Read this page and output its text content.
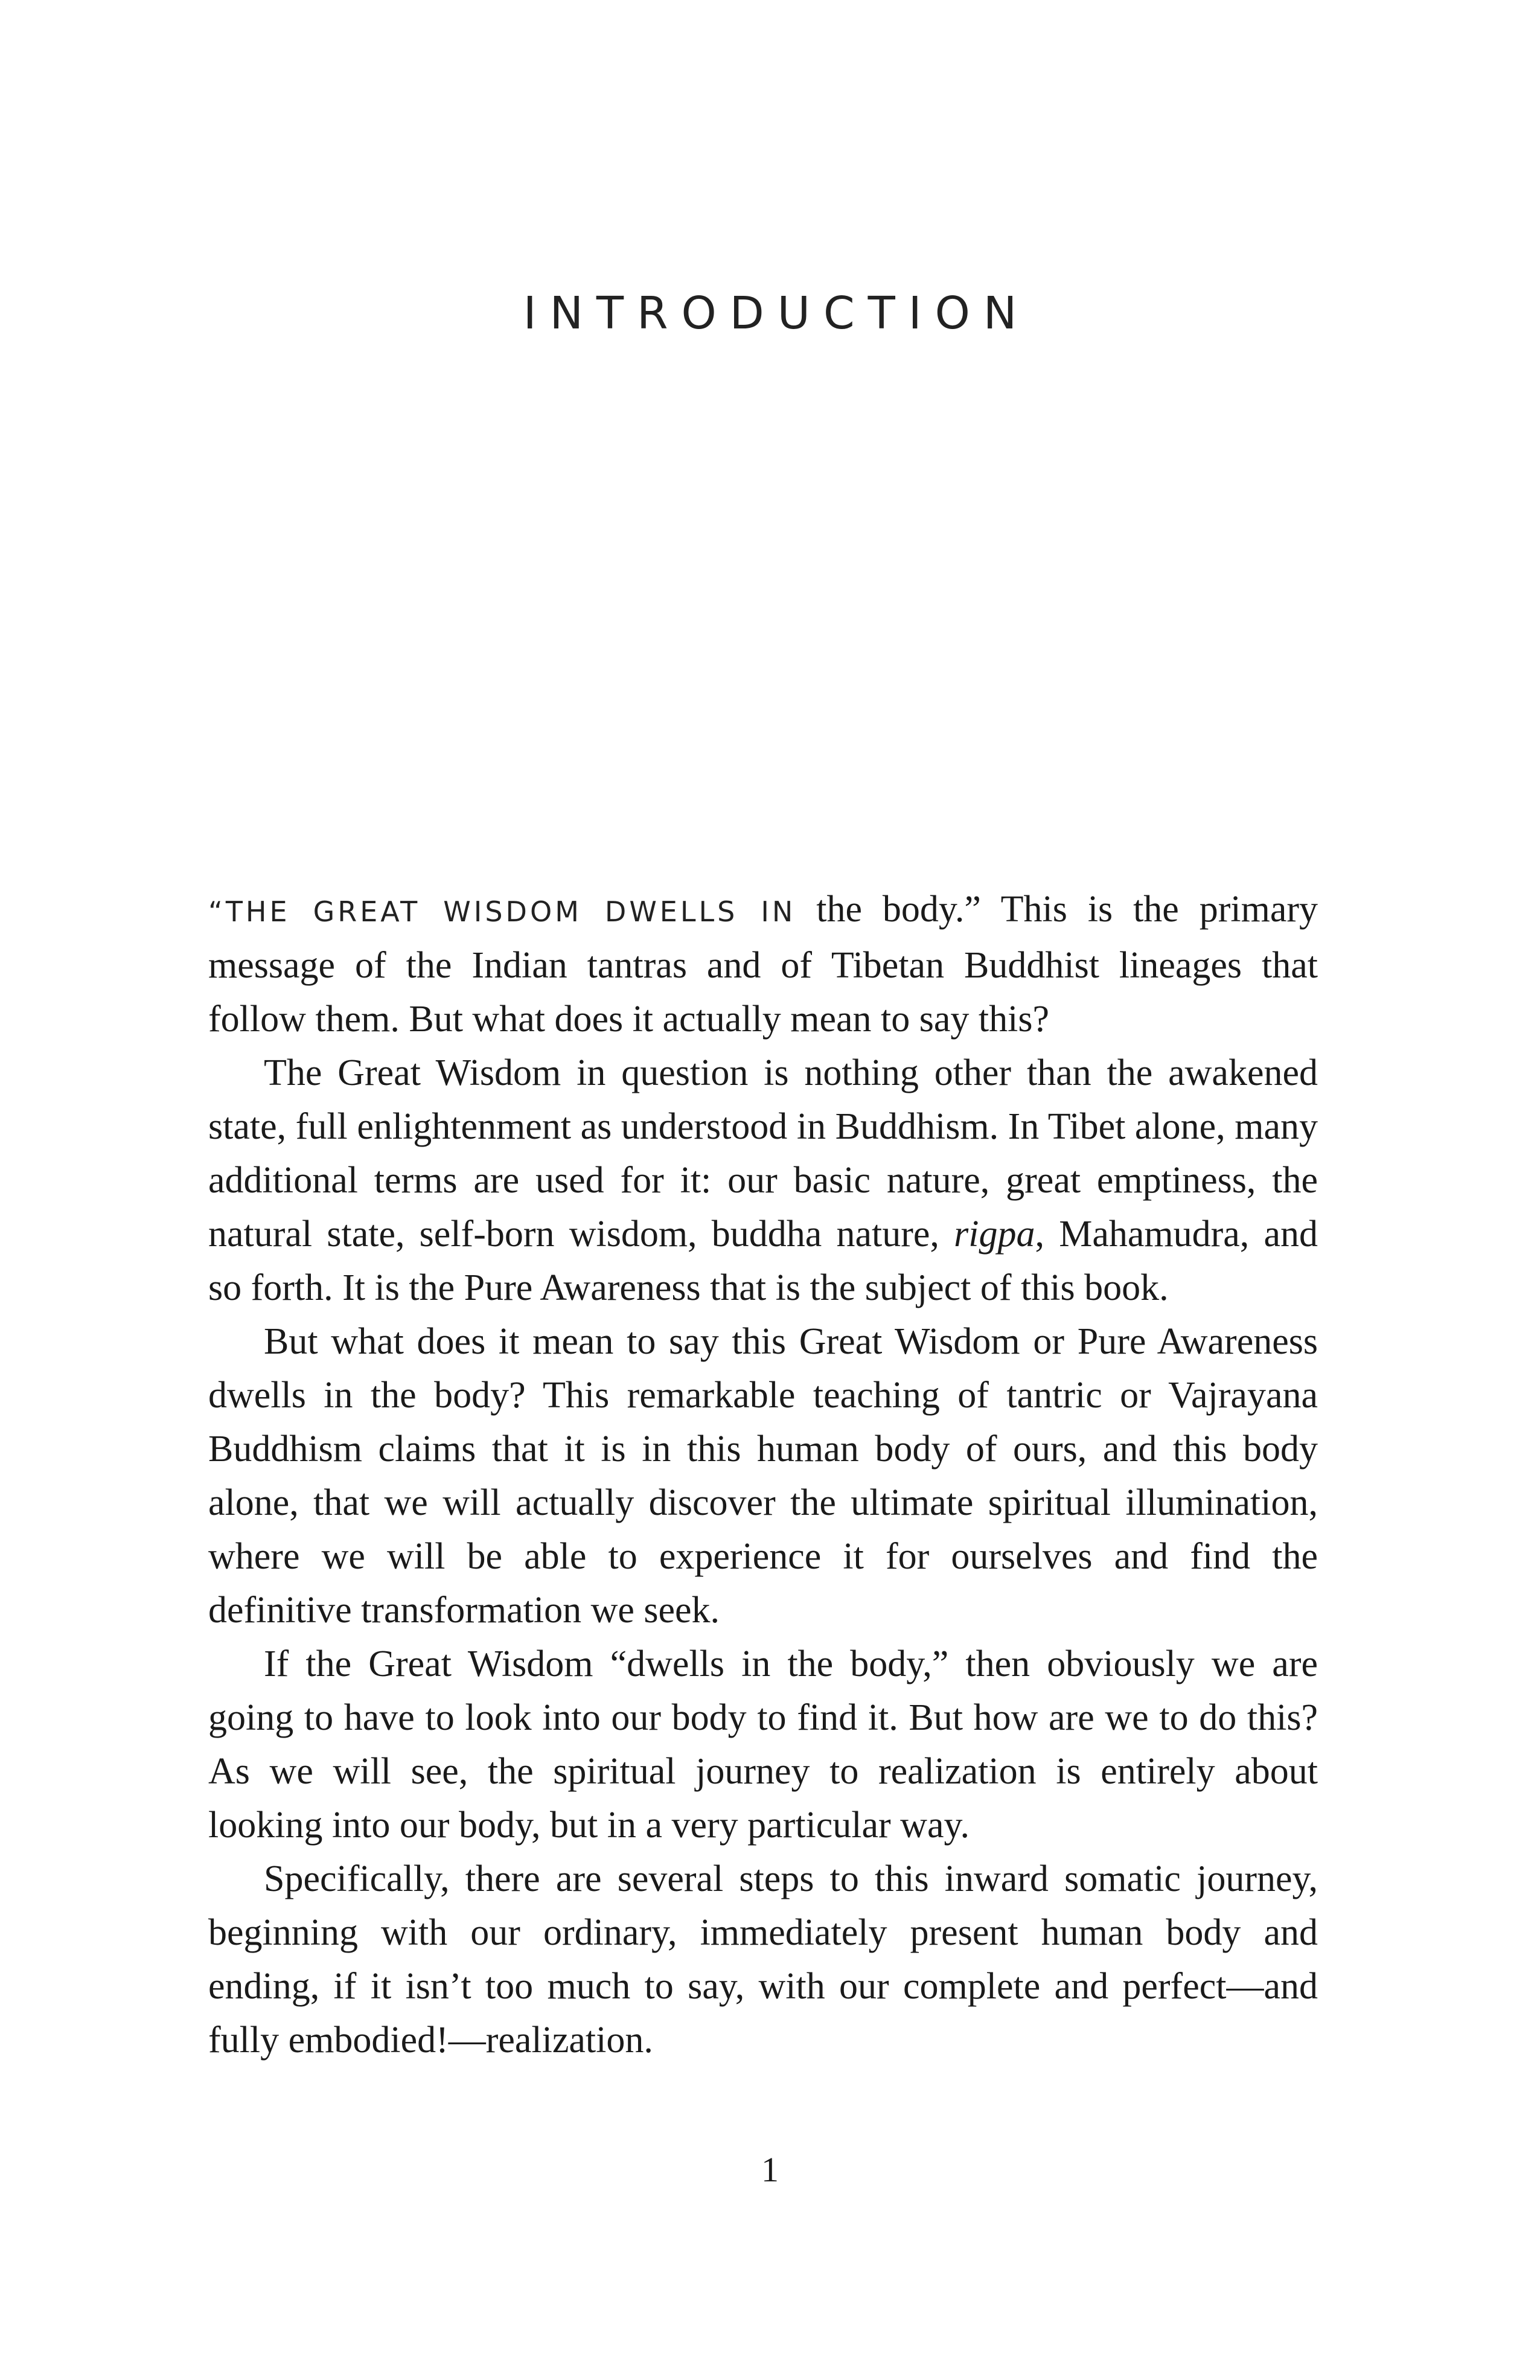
INTRODUCTION

“THE GREAT WISDOM DWELLS IN the body.” This is the primary message of the Indian tantras and of Tibetan Buddhist lineages that follow them. But what does it actually mean to say this?

The Great Wisdom in question is nothing other than the awakened state, full enlightenment as understood in Buddhism. In Tibet alone, many additional terms are used for it: our basic nature, great emptiness, the natural state, self-born wisdom, buddha nature, rigpa, Mahamudra, and so forth. It is the Pure Awareness that is the subject of this book.

But what does it mean to say this Great Wisdom or Pure Awareness dwells in the body? This remarkable teaching of tantric or Vajrayana Buddhism claims that it is in this human body of ours, and this body alone, that we will actually discover the ultimate spiritual illumination, where we will be able to experience it for ourselves and find the definitive transformation we seek.

If the Great Wisdom “dwells in the body,” then obviously we are going to have to look into our body to find it. But how are we to do this? As we will see, the spiritual journey to realization is entirely about looking into our body, but in a very particular way.

Specifically, there are several steps to this inward somatic journey, beginning with our ordinary, immediately present human body and ending, if it isn’t too much to say, with our complete and perfect—and fully embodied!—realization.

1
